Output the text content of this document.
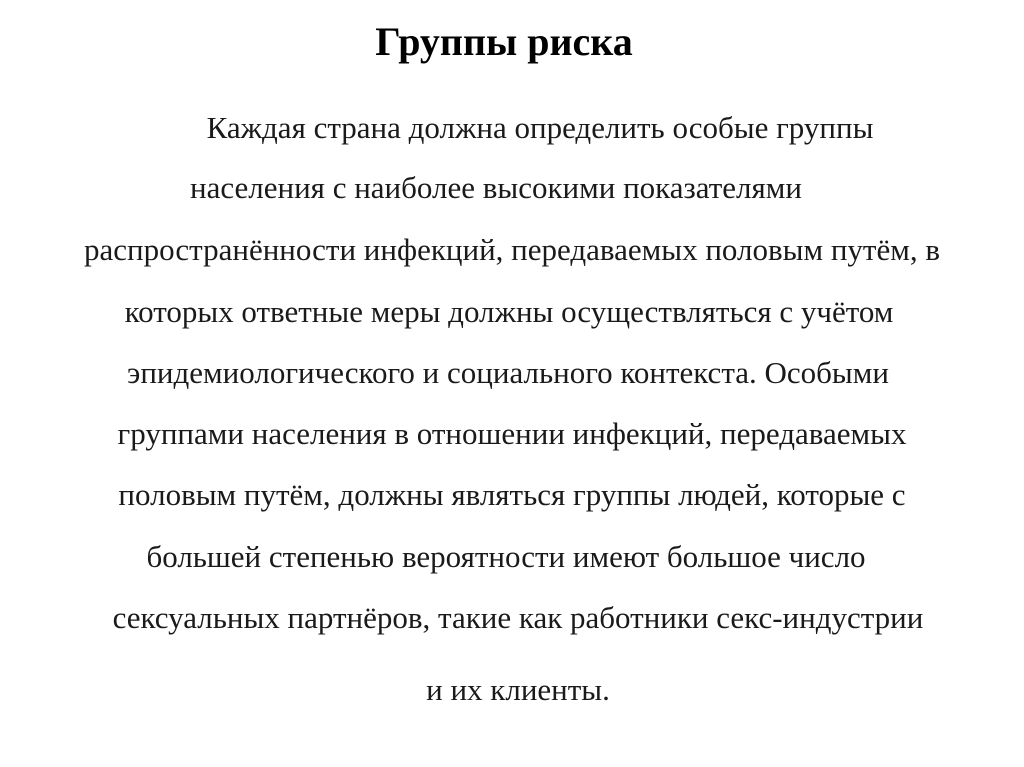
Группы риска
Каждая страна должна определить особые группы
населения с наиболее высокими показателями
распространённости инфекций, передаваемых половым путём, в
которых ответные меры должны осуществляться с учётом
эпидемиологического и социального контекста. Особыми
группами населения в отношении инфекций, передаваемых
половым путём, должны являться группы людей, которые с
большей степенью вероятности имеют большое число
сексуальных партнёров, такие как работники секс-индустрии
и их клиенты.
